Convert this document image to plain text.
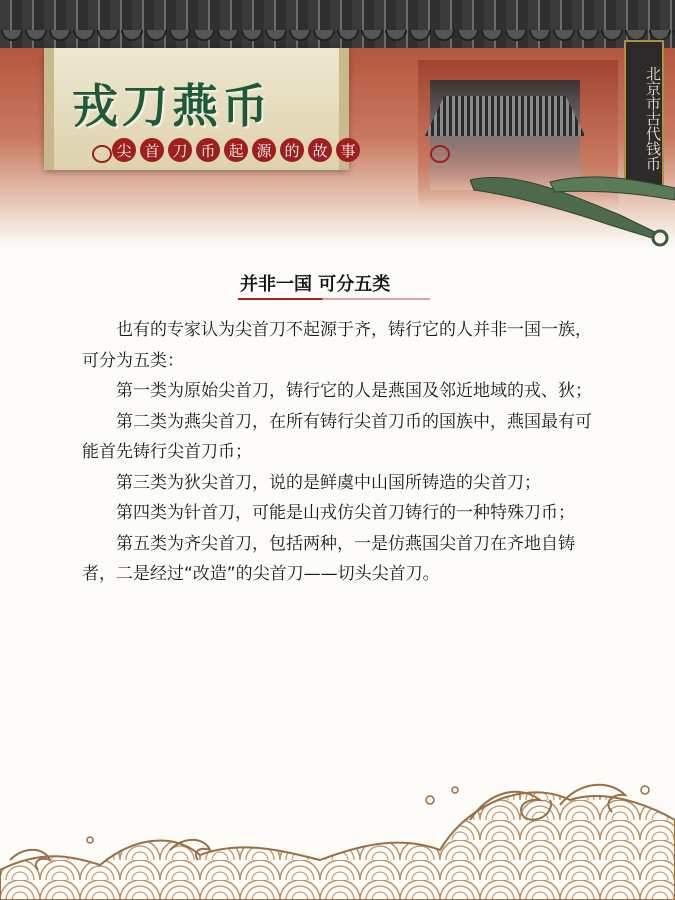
北京市古代钱币
戎刀燕币
尖 首 刀 币 起 源 的 故 事
并非一国 可分五类

也有的专家认为尖首刀不起源于齐，铸行它的人并非一国一族，可分为五类：

第一类为原始尖首刀，铸行它的人是燕国及邻近地域的戎、狄；

第二类为燕尖首刀，在所有铸行尖首刀币的国族中，燕国最有可能首先铸行尖首刀币；

第三类为狄尖首刀，说的是鲜虞中山国所铸造的尖首刀；

第四类为针首刀，可能是山戎仿尖首刀铸行的一种特殊刀币；

第五类为齐尖首刀，包括两种，一是仿燕国尖首刀在齐地自铸者，二是经过“改造”的尖首刀——切头尖首刀。
